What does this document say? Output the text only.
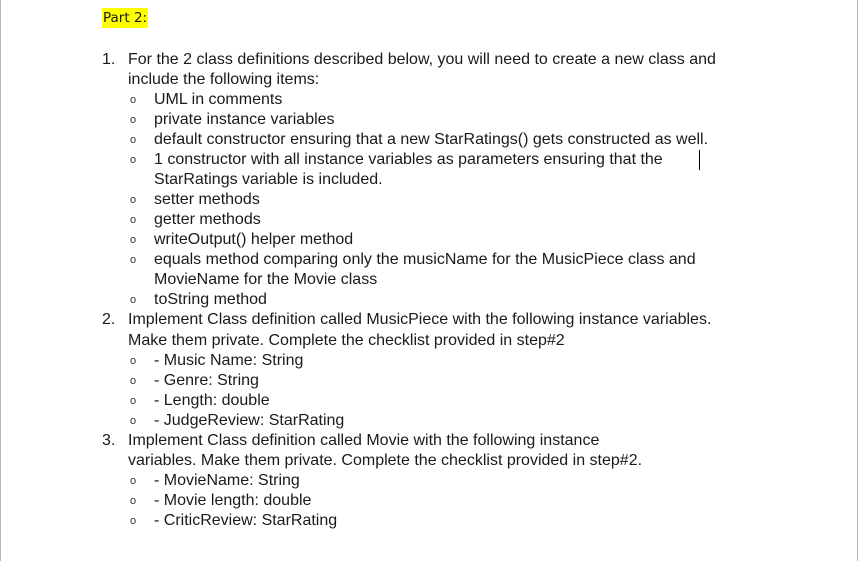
Part 2:
1. For the 2 class definitions described below, you will need to create a new class and
include the following items:
o UML in comments
o private instance variables
o default constructor ensuring that a new StarRatings() gets constructed as well.
o 1 constructor with all instance variables as parameters ensuring that the
StarRatings variable is included.
o setter methods
o getter methods
o writeOutput() helper method
o equals method comparing only the musicName for the MusicPiece class and
MovieName for the Movie class
o toString method
2. Implement Class definition called MusicPiece with the following instance variables.
Make them private. Complete the checklist provided in step#2
o - Music Name: String
o - Genre: String
o - Length: double
o - JudgeReview: StarRating
3. Implement Class definition called Movie with the following instance
variables. Make them private. Complete the checklist provided in step#2.
o - MovieName: String
o - Movie length: double
o - CriticReview: StarRating
